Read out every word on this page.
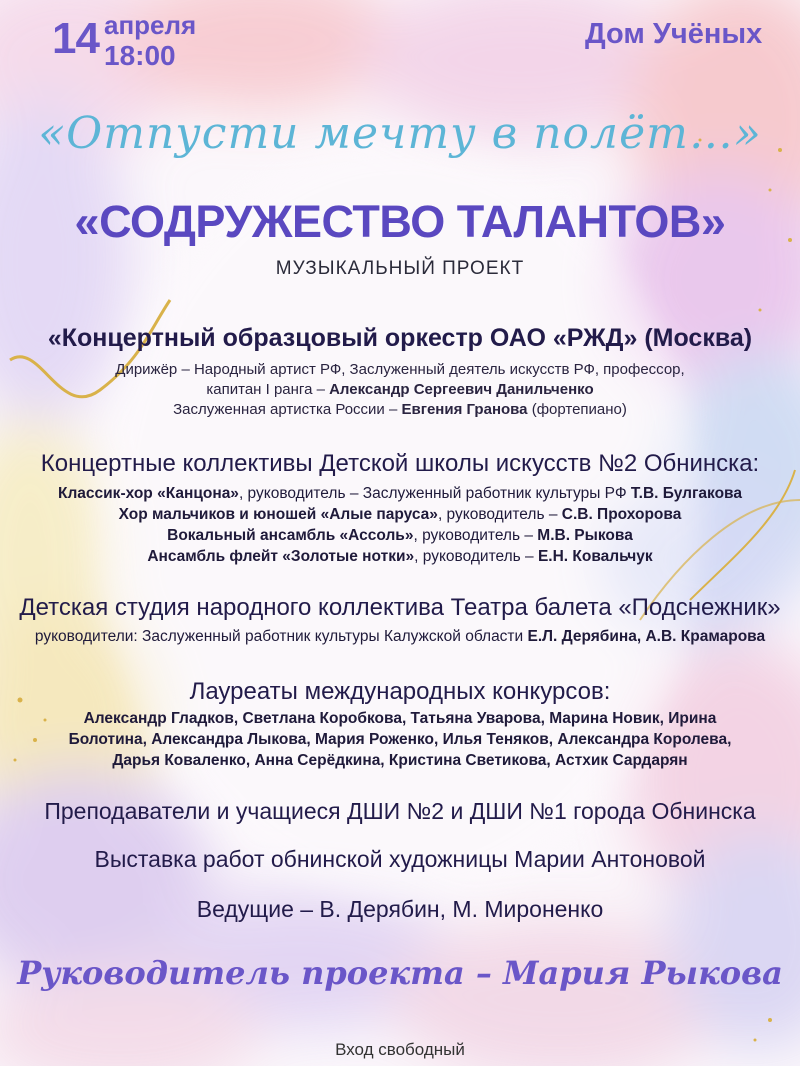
14 апреля
18:00
Дом Учёных
«Отпусти мечту в полёт…»
«СОДРУЖЕСТВО ТАЛАНТОВ»
МУЗЫКАЛЬНЫЙ ПРОЕКТ
«Концертный образцовый оркестр ОАО «РЖД» (Москва)
Дирижёр – Народный артист РФ, Заслуженный деятель искусств РФ, профессор,
капитан I ранга – Александр Сергеевич Данильченко
Заслуженная артистка России – Евгения Гранова (фортепиано)
Концертные коллективы Детской школы искусств №2 Обнинска:
Классик-хор «Канцона», руководитель – Заслуженный работник культуры РФ Т.В. Булгакова
Хор мальчиков и юношей «Алые паруса», руководитель – С.В. Прохорова
Вокальный ансамбль «Ассоль», руководитель – М.В. Рыкова
Ансамбль флейт «Золотые нотки», руководитель – Е.Н. Ковальчук
Детская студия народного коллектива Театра балета «Подснежник»
руководители: Заслуженный работник культуры Калужской области Е.Л. Дерябина, А.В. Крамарова
Лауреаты международных конкурсов:
Александр Гладков, Светлана Коробкова, Татьяна Уварова, Марина Новик, Ирина
Болотина, Александра Лыкова, Мария Роженко, Илья Теняков, Александра Королева,
Дарья Коваленко, Анна Серёдкина, Кристина Светикова, Астхик Сардарян
Преподаватели и учащиеся ДШИ №2 и ДШИ №1 города Обнинска
Выставка работ обнинской художницы Марии Антоновой
Ведущие – В. Дерябин, М. Мироненко
Руководитель проекта – Мария Рыкова
Вход свободный
